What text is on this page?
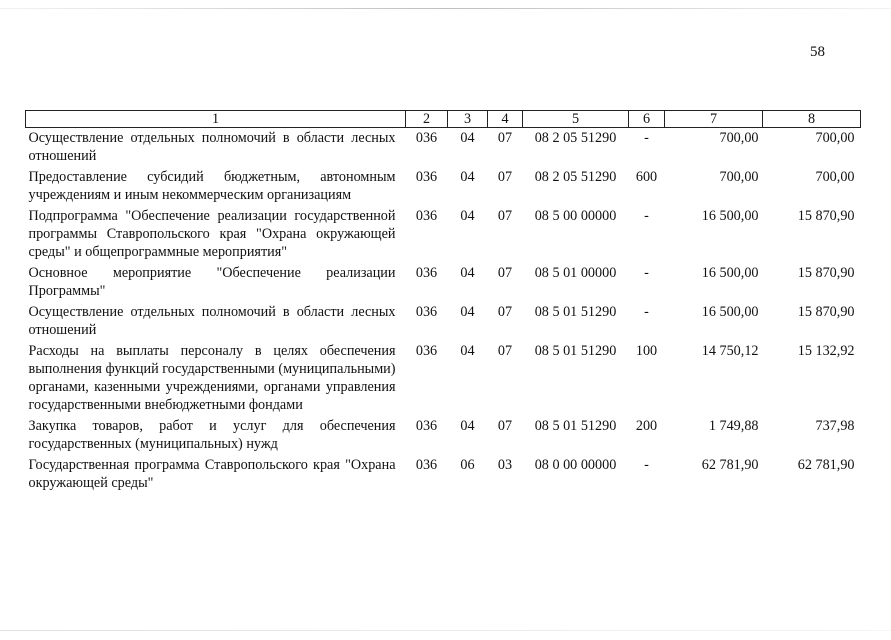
58
1	2	3	4	5	6	7	8
Осуществление отдельных полномочий в области лесных отношений	036	04	07	08 2 05 51290	-	700,00	700,00
Предоставление субсидий бюджетным, автономным учреждениям и иным некоммерческим организациям	036	04	07	08 2 05 51290	600	700,00	700,00
Подпрограмма "Обеспечение реализации государственной программы Ставропольского края "Охрана окружающей среды" и общепрограммные мероприятия"	036	04	07	08 5 00 00000	-	16 500,00	15 870,90
Основное мероприятие "Обеспечение реализации Программы"	036	04	07	08 5 01 00000	-	16 500,00	15 870,90
Осуществление отдельных полномочий в области лесных отношений	036	04	07	08 5 01 51290	-	16 500,00	15 870,90
Расходы на выплаты персоналу в целях обеспечения выполнения функций государственными (муниципальными) органами, казенными учреждениями, органами управления государственными внебюджетными фондами	036	04	07	08 5 01 51290	100	14 750,12	15 132,92
Закупка товаров, работ и услуг для обеспечения государственных (муниципальных) нужд	036	04	07	08 5 01 51290	200	1 749,88	737,98
Государственная программа Ставропольского края "Охрана окружающей среды"	036	06	03	08 0 00 00000	-	62 781,90	62 781,90
